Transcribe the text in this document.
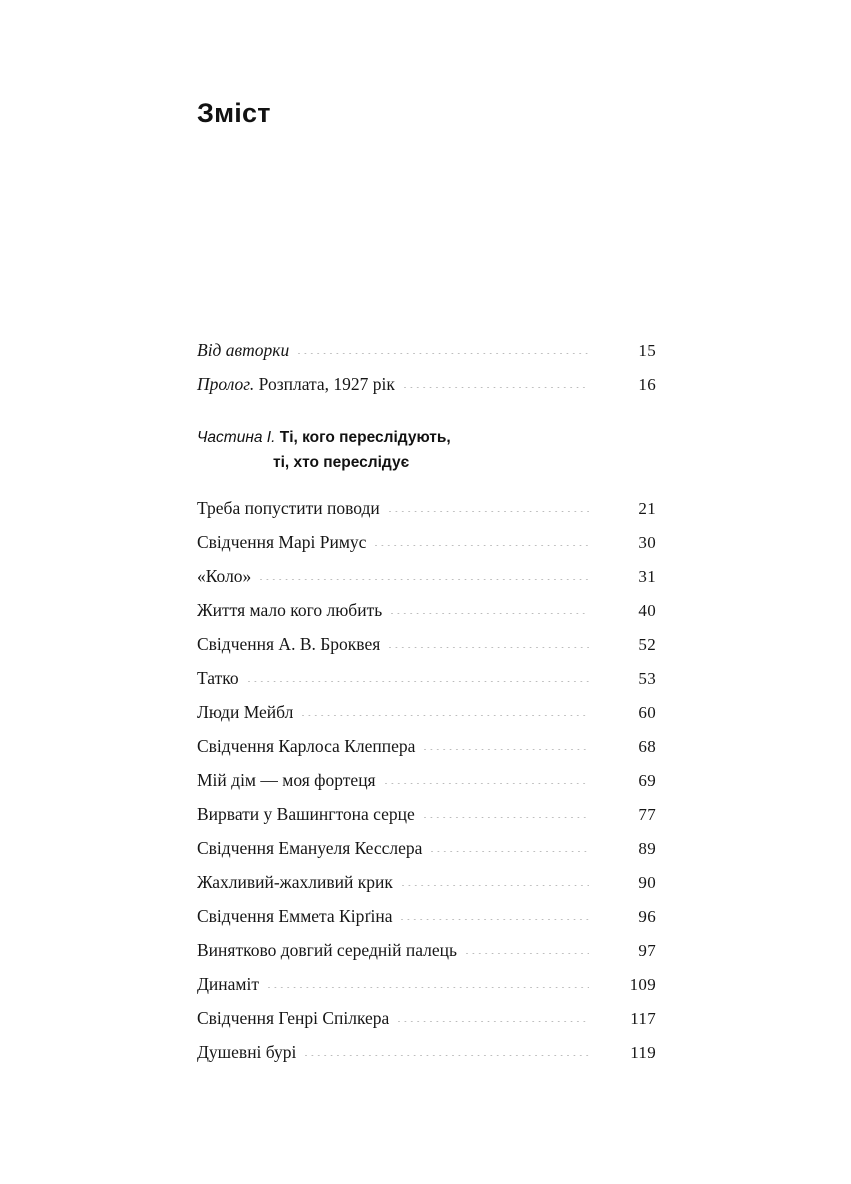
Зміст
Від авторки	15
Пролог. Розплата, 1927 рік	16
Частина I. Ті, кого переслідують,
ті, хто переслідує
Треба попустити поводи	21
Свідчення Марі Римус	30
«Коло»	31
Життя мало кого любить	40
Свідчення А. В. Броквея	52
Татко	53
Люди Мейбл	60
Свідчення Карлоса Клеппера	68
Мій дім — моя фортеця	69
Вирвати у Вашингтона серце	77
Свідчення Емануеля Кесслера	89
Жахливий-жахливий крик	90
Свідчення Еммета Кірґіна	96
Винятково довгий середній палець	97
Динаміт	109
Свідчення Генрі Спілкера	117
Душевні бурі	119
